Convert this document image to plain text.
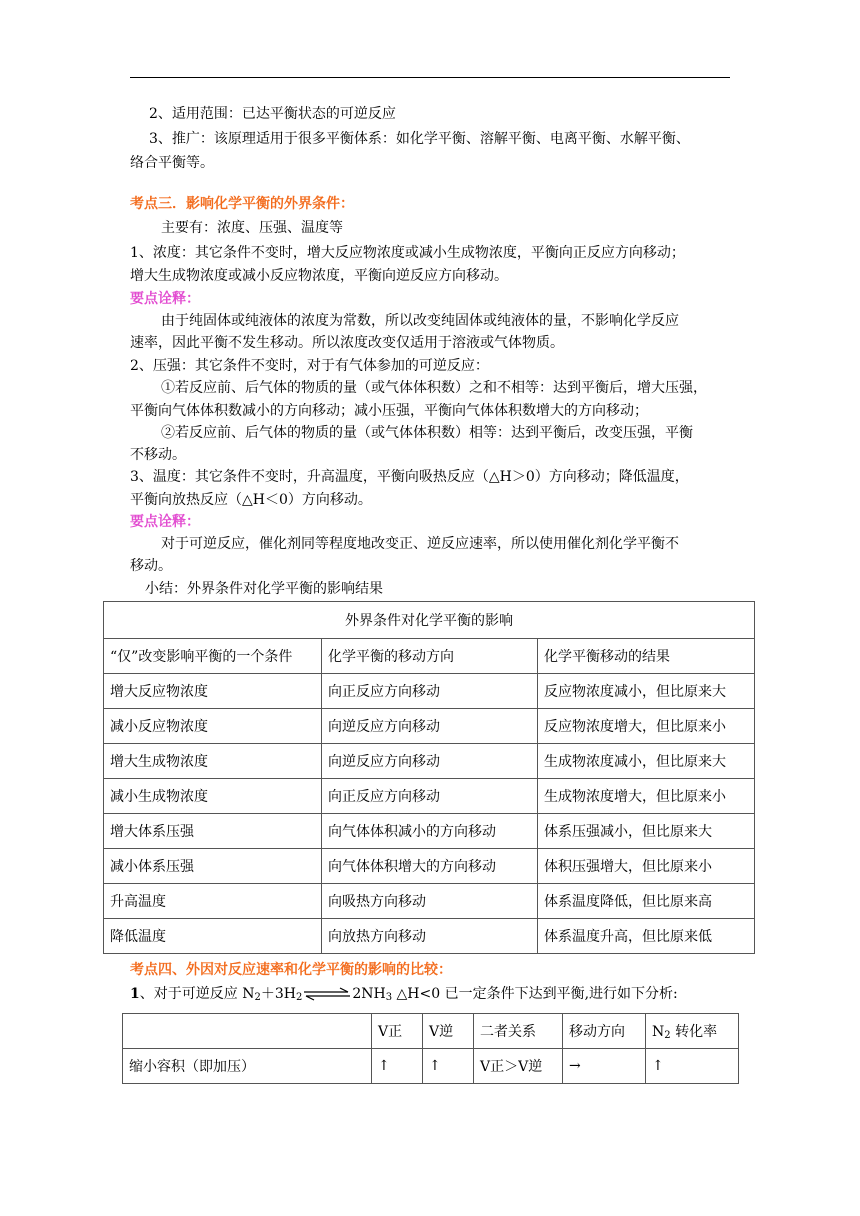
2、适用范围：已达平衡状态的可逆反应
3、推广：该原理适用于很多平衡体系：如化学平衡、溶解平衡、电离平衡、水解平衡、
络合平衡等。
考点三．影响化学平衡的外界条件：
主要有：浓度、压强、温度等
1、浓度：其它条件不变时，增大反应物浓度或减小生成物浓度，平衡向正反应方向移动；
增大生成物浓度或减小反应物浓度，平衡向逆反应方向移动。
要点诠释：
由于纯固体或纯液体的浓度为常数，所以改变纯固体或纯液体的量，不影响化学反应
速率，因此平衡不发生移动。所以浓度改变仅适用于溶液或气体物质。
2、压强：其它条件不变时，对于有气体参加的可逆反应：
①若反应前、后气体的物质的量（或气体体积数）之和不相等：达到平衡后，增大压强，
平衡向气体体积数减小的方向移动；减小压强，平衡向气体体积数增大的方向移动；
②若反应前、后气体的物质的量（或气体体积数）相等：达到平衡后，改变压强，平衡
不移动。
3、温度：其它条件不变时，升高温度，平衡向吸热反应（△H＞0）方向移动；降低温度，
平衡向放热反应（△H＜0）方向移动。
要点诠释：
对于可逆反应，催化剂同等程度地改变正、逆反应速率，所以使用催化剂化学平衡不
移动。
小结：外界条件对化学平衡的影响结果
外界条件对化学平衡的影响		
“仅”改变影响平衡的一个条件	化学平衡的移动方向	化学平衡移动的结果
增大反应物浓度	向正反应方向移动	反应物浓度减小，但比原来大
减小反应物浓度	向逆反应方向移动	反应物浓度增大，但比原来小
增大生成物浓度	向逆反应方向移动	生成物浓度减小，但比原来大
减小生成物浓度	向正反应方向移动	生成物浓度增大，但比原来小
增大体系压强	向气体体积减小的方向移动	体系压强减小，但比原来大
减小体系压强	向气体体积增大的方向移动	体积压强增大，但比原来小
升高温度	向吸热方向移动	体系温度降低，但比原来高
降低温度	向放热方向移动	体系温度升高，但比原来低
考点四、外因对反应速率和化学平衡的影响的比较：
1、对于可逆反应 $N_2+3H_2\rightleftharpoons 2NH_3$ △H<0 已一定条件下达到平衡,进行如下分析:
	V正	V逆	二者关系	移动方向	$N_2$ 转化率
缩小容积（即加压）	↑	↑	V正＞V逆	→	↑
